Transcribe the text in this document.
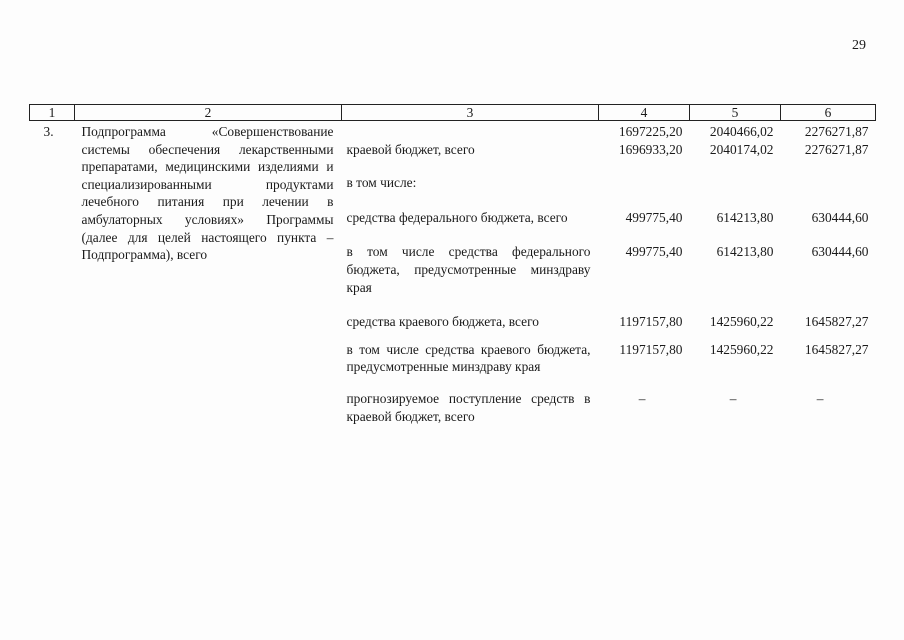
29
1	2	3	4	5	6
3.	Подпрограмма «Совершенствование системы обеспечения лекарственными препаратами, медицинскими изделиями и специализированными продуктами лечебного питания при лечении в амбулаторных условиях» Программы (далее для целей настоящего пункта – Подпрограмма), всего		1697225,20	2040466,02	2276271,87
		краевой бюджет, всего	1696933,20	2040174,02	2276271,87
		в том числе:			
		средства федерального бюджета, всего	499775,40	614213,80	630444,60
		в том числе средства федерального бюджета, предусмотренные минздраву края	499775,40	614213,80	630444,60
		средства краевого бюджета, всего	1197157,80	1425960,22	1645827,27
		в том числе средства краевого бюджета, предусмотренные минздраву края	1197157,80	1425960,22	1645827,27
		прогнозируемое поступление средств в краевой бюджет, всего	–	–	–
